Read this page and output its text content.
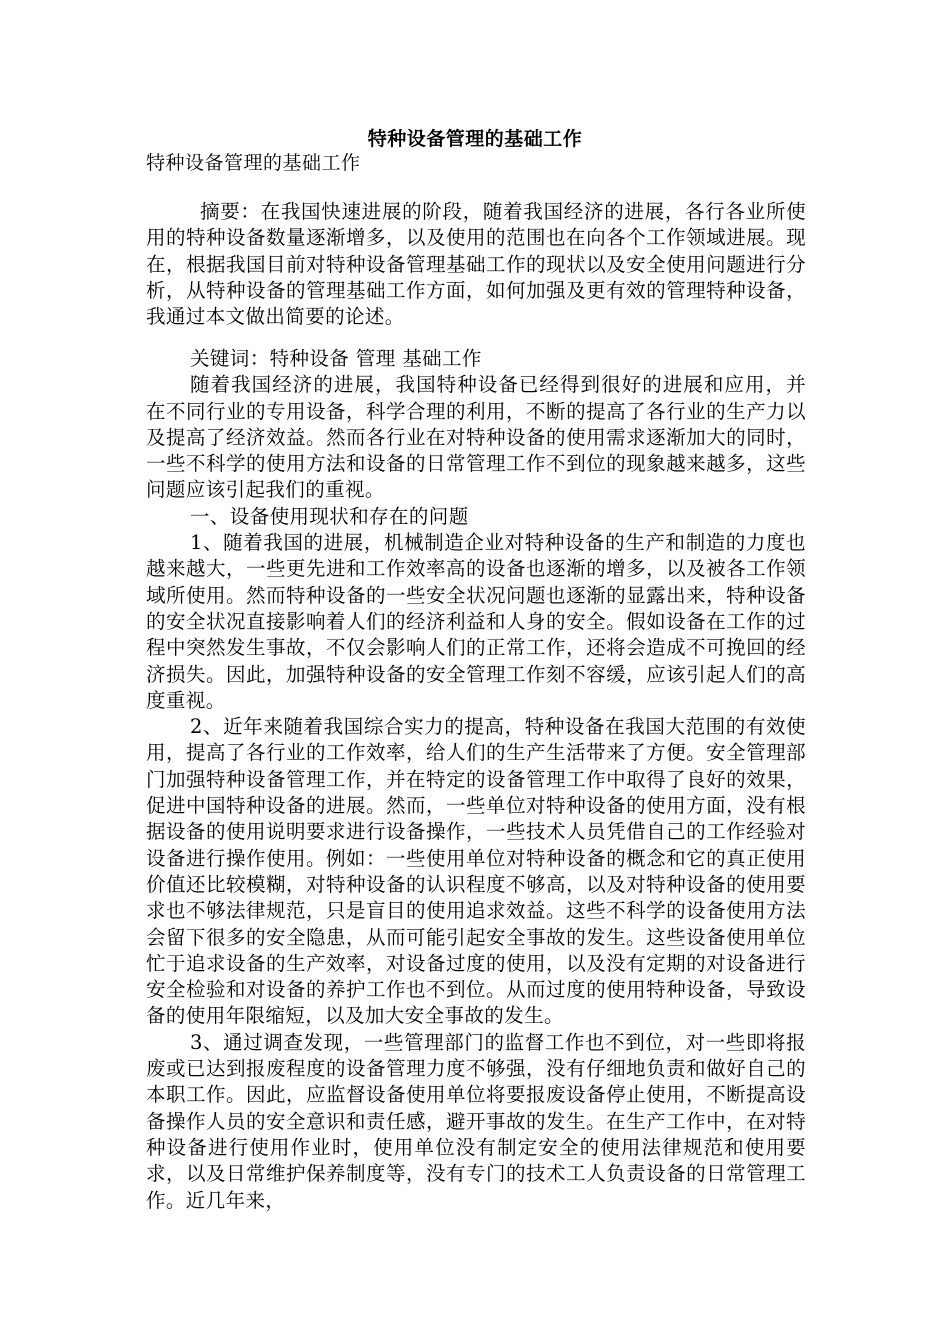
特种设备管理的基础工作
特种设备管理的基础工作

摘要：在我国快速进展的阶段，随着我国经济的进展，各行各业所使用的特种设备数量逐渐增多，以及使用的范围也在向各个工作领域进展。现在，根据我国目前对特种设备管理基础工作的现状以及安全使用问题进行分析，从特种设备的管理基础工作方面，如何加强及更有效的管理特种设备，我通过本文做出简要的论述。

关键词：特种设备 管理 基础工作

随着我国经济的进展，我国特种设备已经得到很好的进展和应用，并在不同行业的专用设备，科学合理的利用，不断的提高了各行业的生产力以及提高了经济效益。然而各行业在对特种设备的使用需求逐渐加大的同时，一些不科学的使用方法和设备的日常管理工作不到位的现象越来越多，这些问题应该引起我们的重视。

一、设备使用现状和存在的问题

1、随着我国的进展，机械制造企业对特种设备的生产和制造的力度也越来越大，一些更先进和工作效率高的设备也逐渐的增多，以及被各工作领域所使用。然而特种设备的一些安全状况问题也逐渐的显露出来，特种设备的安全状况直接影响着人们的经济利益和人身的安全。假如设备在工作的过程中突然发生事故，不仅会影响人们的正常工作，还将会造成不可挽回的经济损失。因此，加强特种设备的安全管理工作刻不容缓，应该引起人们的高度重视。

2、近年来随着我国综合实力的提高，特种设备在我国大范围的有效使用，提高了各行业的工作效率，给人们的生产生活带来了方便。安全管理部门加强特种设备管理工作，并在特定的设备管理工作中取得了良好的效果，促进中国特种设备的进展。然而，一些单位对特种设备的使用方面，没有根据设备的使用说明要求进行设备操作，一些技术人员凭借自己的工作经验对设备进行操作使用。例如：一些使用单位对特种设备的概念和它的真正使用价值还比较模糊，对特种设备的认识程度不够高，以及对特种设备的使用要求也不够法律规范，只是盲目的使用追求效益。这些不科学的设备使用方法会留下很多的安全隐患，从而可能引起安全事故的发生。这些设备使用单位忙于追求设备的生产效率，对设备过度的使用，以及没有定期的对设备进行安全检验和对设备的养护工作也不到位。从而过度的使用特种设备，导致设备的使用年限缩短，以及加大安全事故的发生。

3、通过调查发现，一些管理部门的监督工作也不到位，对一些即将报废或已达到报废程度的设备管理力度不够强，没有仔细地负责和做好自己的本职工作。因此，应监督设备使用单位将要报废设备停止使用，不断提高设备操作人员的安全意识和责任感，避开事故的发生。在生产工作中，在对特种设备进行使用作业时，使用单位没有制定安全的使用法律规范和使用要求，以及日常维护保养制度等，没有专门的技术工人负责设备的日常管理工作。近几年来，
